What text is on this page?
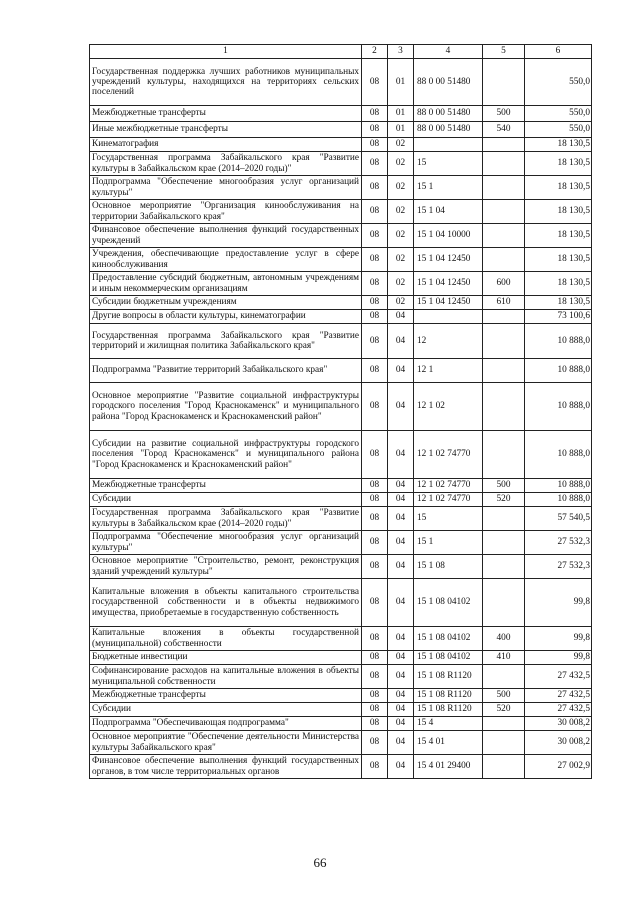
1	2	3	4	5	6
Государственная поддержка лучших работников муниципальных учреждений культуры, находящихся на территориях сельских поселений	08	01	88 0 00 51480		550,0
Межбюджетные трансферты	08	01	88 0 00 51480	500	550,0
Иные межбюджетные трансферты	08	01	88 0 00 51480	540	550,0
Кинематография	08	02			18 130,5
Государственная программа Забайкальского края "Развитие культуры в Забайкальском крае (2014–2020 годы)"	08	02	15		18 130,5
Подпрограмма "Обеспечение многообразия услуг организаций культуры"	08	02	15 1		18 130,5
Основное мероприятие "Организация кинообслуживания на территории Забайкальского края"	08	02	15 1 04		18 130,5
Финансовое обеспечение выполнения функций государственных учреждений	08	02	15 1 04 10000		18 130,5
Учреждения, обеспечивающие предоставление услуг в сфере кинообслуживания	08	02	15 1 04 12450		18 130,5
Предоставление субсидий бюджетным, автономным учреждениям и иным некоммерческим организациям	08	02	15 1 04 12450	600	18 130,5
Субсидии бюджетным учреждениям	08	02	15 1 04 12450	610	18 130,5
Другие вопросы в области культуры, кинематографии	08	04			73 100,6
Государственная программа Забайкальского края "Развитие территорий и жилищная политика Забайкальского края"	08	04	12		10 888,0
Подпрограмма "Развитие территорий Забайкальского края"	08	04	12 1		10 888,0
Основное мероприятие "Развитие социальной инфраструктуры городского поселения "Город Краснокаменск" и муниципального района "Город Краснокаменск и Краснокаменский район"	08	04	12 1 02		10 888,0
Субсидии на развитие социальной инфраструктуры городского поселения "Город Краснокаменск" и муниципального района "Город Краснокаменск и Краснокаменский район"	08	04	12 1 02 74770		10 888,0
Межбюджетные трансферты	08	04	12 1 02 74770	500	10 888,0
Субсидии	08	04	12 1 02 74770	520	10 888,0
Государственная программа Забайкальского края "Развитие культуры в Забайкальском крае (2014–2020 годы)"	08	04	15		57 540,5
Подпрограмма "Обеспечение многообразия услуг организаций культуры"	08	04	15 1		27 532,3
Основное мероприятие "Строительство, ремонт, реконструкция зданий учреждений культуры"	08	04	15 1 08		27 532,3
Капитальные вложения в объекты капитального строительства государственной собственности и в объекты недвижимого имущества, приобретаемые в государственную собственность	08	04	15 1 08 04102		99,8
Капитальные вложения в объекты государственной (муниципальной) собственности	08	04	15 1 08 04102	400	99,8
Бюджетные инвестиции	08	04	15 1 08 04102	410	99,8
Софинансирование расходов на капитальные вложения в объекты муниципальной собственности	08	04	15 1 08 R1120		27 432,5
Межбюджетные трансферты	08	04	15 1 08 R1120	500	27 432,5
Субсидии	08	04	15 1 08 R1120	520	27 432,5
Подпрограмма "Обеспечивающая подпрограмма"	08	04	15 4		30 008,2
Основное мероприятие "Обеспечение деятельности Министерства культуры Забайкальского края"	08	04	15 4 01		30 008,2
Финансовое обеспечение выполнения функций государственных органов, в том числе территориальных органов	08	04	15 4 01 29400		27 002,9
66
